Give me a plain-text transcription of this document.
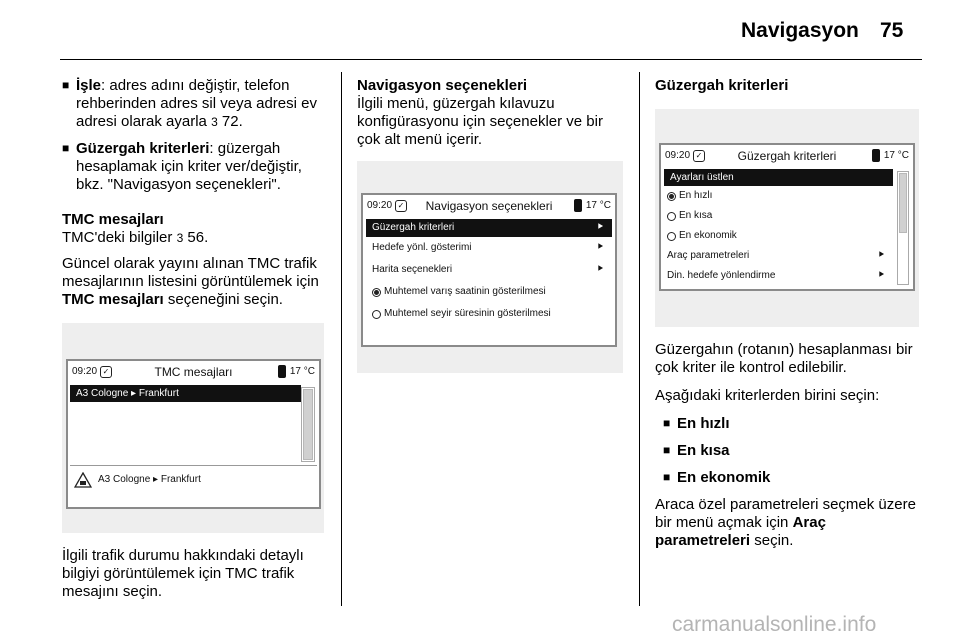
Navigasyon 75
■ İşle: adres adını değiştir, telefon rehberinden adres sil veya adresi ev adresi olarak ayarla 3 72.
■ Güzergah kriterleri: güzergah hesaplamak için kriter ver/değiştir, bkz. "Navigasyon seçenekleri".
TMC mesajları

TMC'deki bilgiler 3 56.

Güncel olarak yayını alınan TMC trafik mesajlarının listesini görüntülemek için TMC mesajları seçeneğini seçin.

09:20 ✓	TMC mesajları	17 °C
A3 Cologne ▸ Frankfurt
A3 Cologne ▸ Frankfurt

İlgili trafik durumu hakkındaki detaylı bilgiyi görüntülemek için TMC trafik mesajını seçin.

Navigasyon seçenekleri

İlgili menü, güzergah kılavuzu konfigürasyonu için seçenekler ve bir çok alt menü içerir.

09:20 ✓	Navigasyon seçenekleri	17 °C
Güzergah kriterleri	⯈
Hedefe yönl. gösterimi	⯈
Harita seçenekleri	⯈
Muhtemel varış saatinin gösterilmesi
Muhtemel seyir süresinin gösterilmesi
Güzergah kriterleri
09:20 ✓	Güzergah kriterleri	17 °C
Ayarları üstlen
En hızlı
En kısa
En ekonomik
Araç parametreleri	⯈
Din. hedefe yönlendirme	⯈

Güzergahın (rotanın) hesaplanması bir çok kriter ile kontrol edilebilir.

Aşağıdaki kriterlerden birini seçin:

■ En hızlı
■ En kısa
■ En ekonomik

Araca özel parametreleri seçmek üzere bir menü açmak için Araç parametreleri seçin.

carmanualsonline.info
